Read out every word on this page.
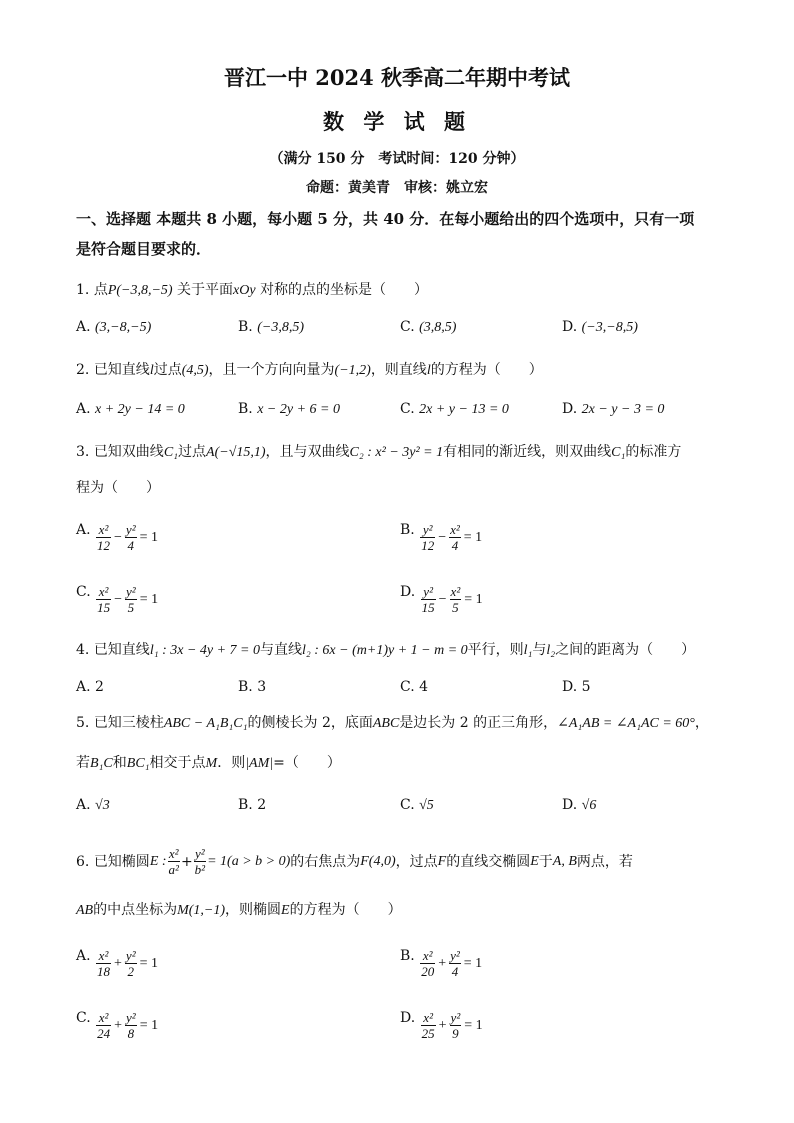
晋江一中 2024 秋季高二年期中考试
数 学 试 题
（满分 150 分　考试时间：120 分钟）
命题：黄美青　审核：姚立宏
一、选择题 本题共 8 小题，每小题 5 分，共 40 分．在每小题给出的四个选项中，只有一项
是符合题目要求的．
1. 点P(−3,8,−5) 关于平面xOy 对称的点的坐标是（　　）
A. (3,−8,−5)	B. (−3,8,5)	C. (3,8,5)	D. (−3,−8,5)
2. 已知直线l过点(4,5)，且一个方向向量为(−1,2)，则直线l的方程为（　　）
A. x + 2y − 14 = 0	B. x − 2y + 6 = 0	C. 2x + y − 13 = 0	D. 2x − y − 3 = 0
3. 已知双曲线C₁过点A(−√15,1)，且与双曲线C₂ : x² − 3y² = 1有相同的渐近线，则双曲线C₁的标准方
程为（　　）
A. $\frac{\text{x²}}{12} - \frac{\text{y²}}{4} = 1$	B. $\frac{\text{y²}}{12} - \frac{\text{x²}}{4} = 1$
C. $\frac{\text{x²}}{15} - \frac{\text{y²}}{5} = 1$	D. $\frac{\text{y²}}{15} - \frac{\text{x²}}{5} = 1$
4. 已知直线l₁ : 3x − 4y + 7 = 0与直线l₂ : 6x − (m+1)y + 1 − m = 0平行，则l₁与l₂之间的距离为（　　）
A. 2	B. 3	C. 4	D. 5
5. 已知三棱柱ABC − A₁B₁C₁的侧棱长为 2，底面ABC是边长为 2 的正三角形，∠A₁AB = ∠A₁AC = 60°，
若B₁C和BC₁相交于点M．则|AM|=（　　）
A. √3	B. 2	C. √5	D. √6
6.
已知椭圆 E : $\frac{\text{x²}}{\text{a²}} + \frac{\text{y²}}{\text{b²}} = 1(a > b > 0)$ 的右焦点为 F(4,0) ，过点 F 的直线交椭圆 E 于 A, B 两点，若
AB的中点坐标为M(1,−1)，则椭圆E的方程为（　　）
A. $\frac{\text{x²}}{18} + \frac{\text{y²}}{2} = 1$	B. $\frac{\text{x²}}{20} + \frac{\text{y²}}{4} = 1$
C. $\frac{\text{x²}}{24} + \frac{\text{y²}}{8} = 1$	D. $\frac{\text{x²}}{25} + \frac{\text{y²}}{9} = 1$
